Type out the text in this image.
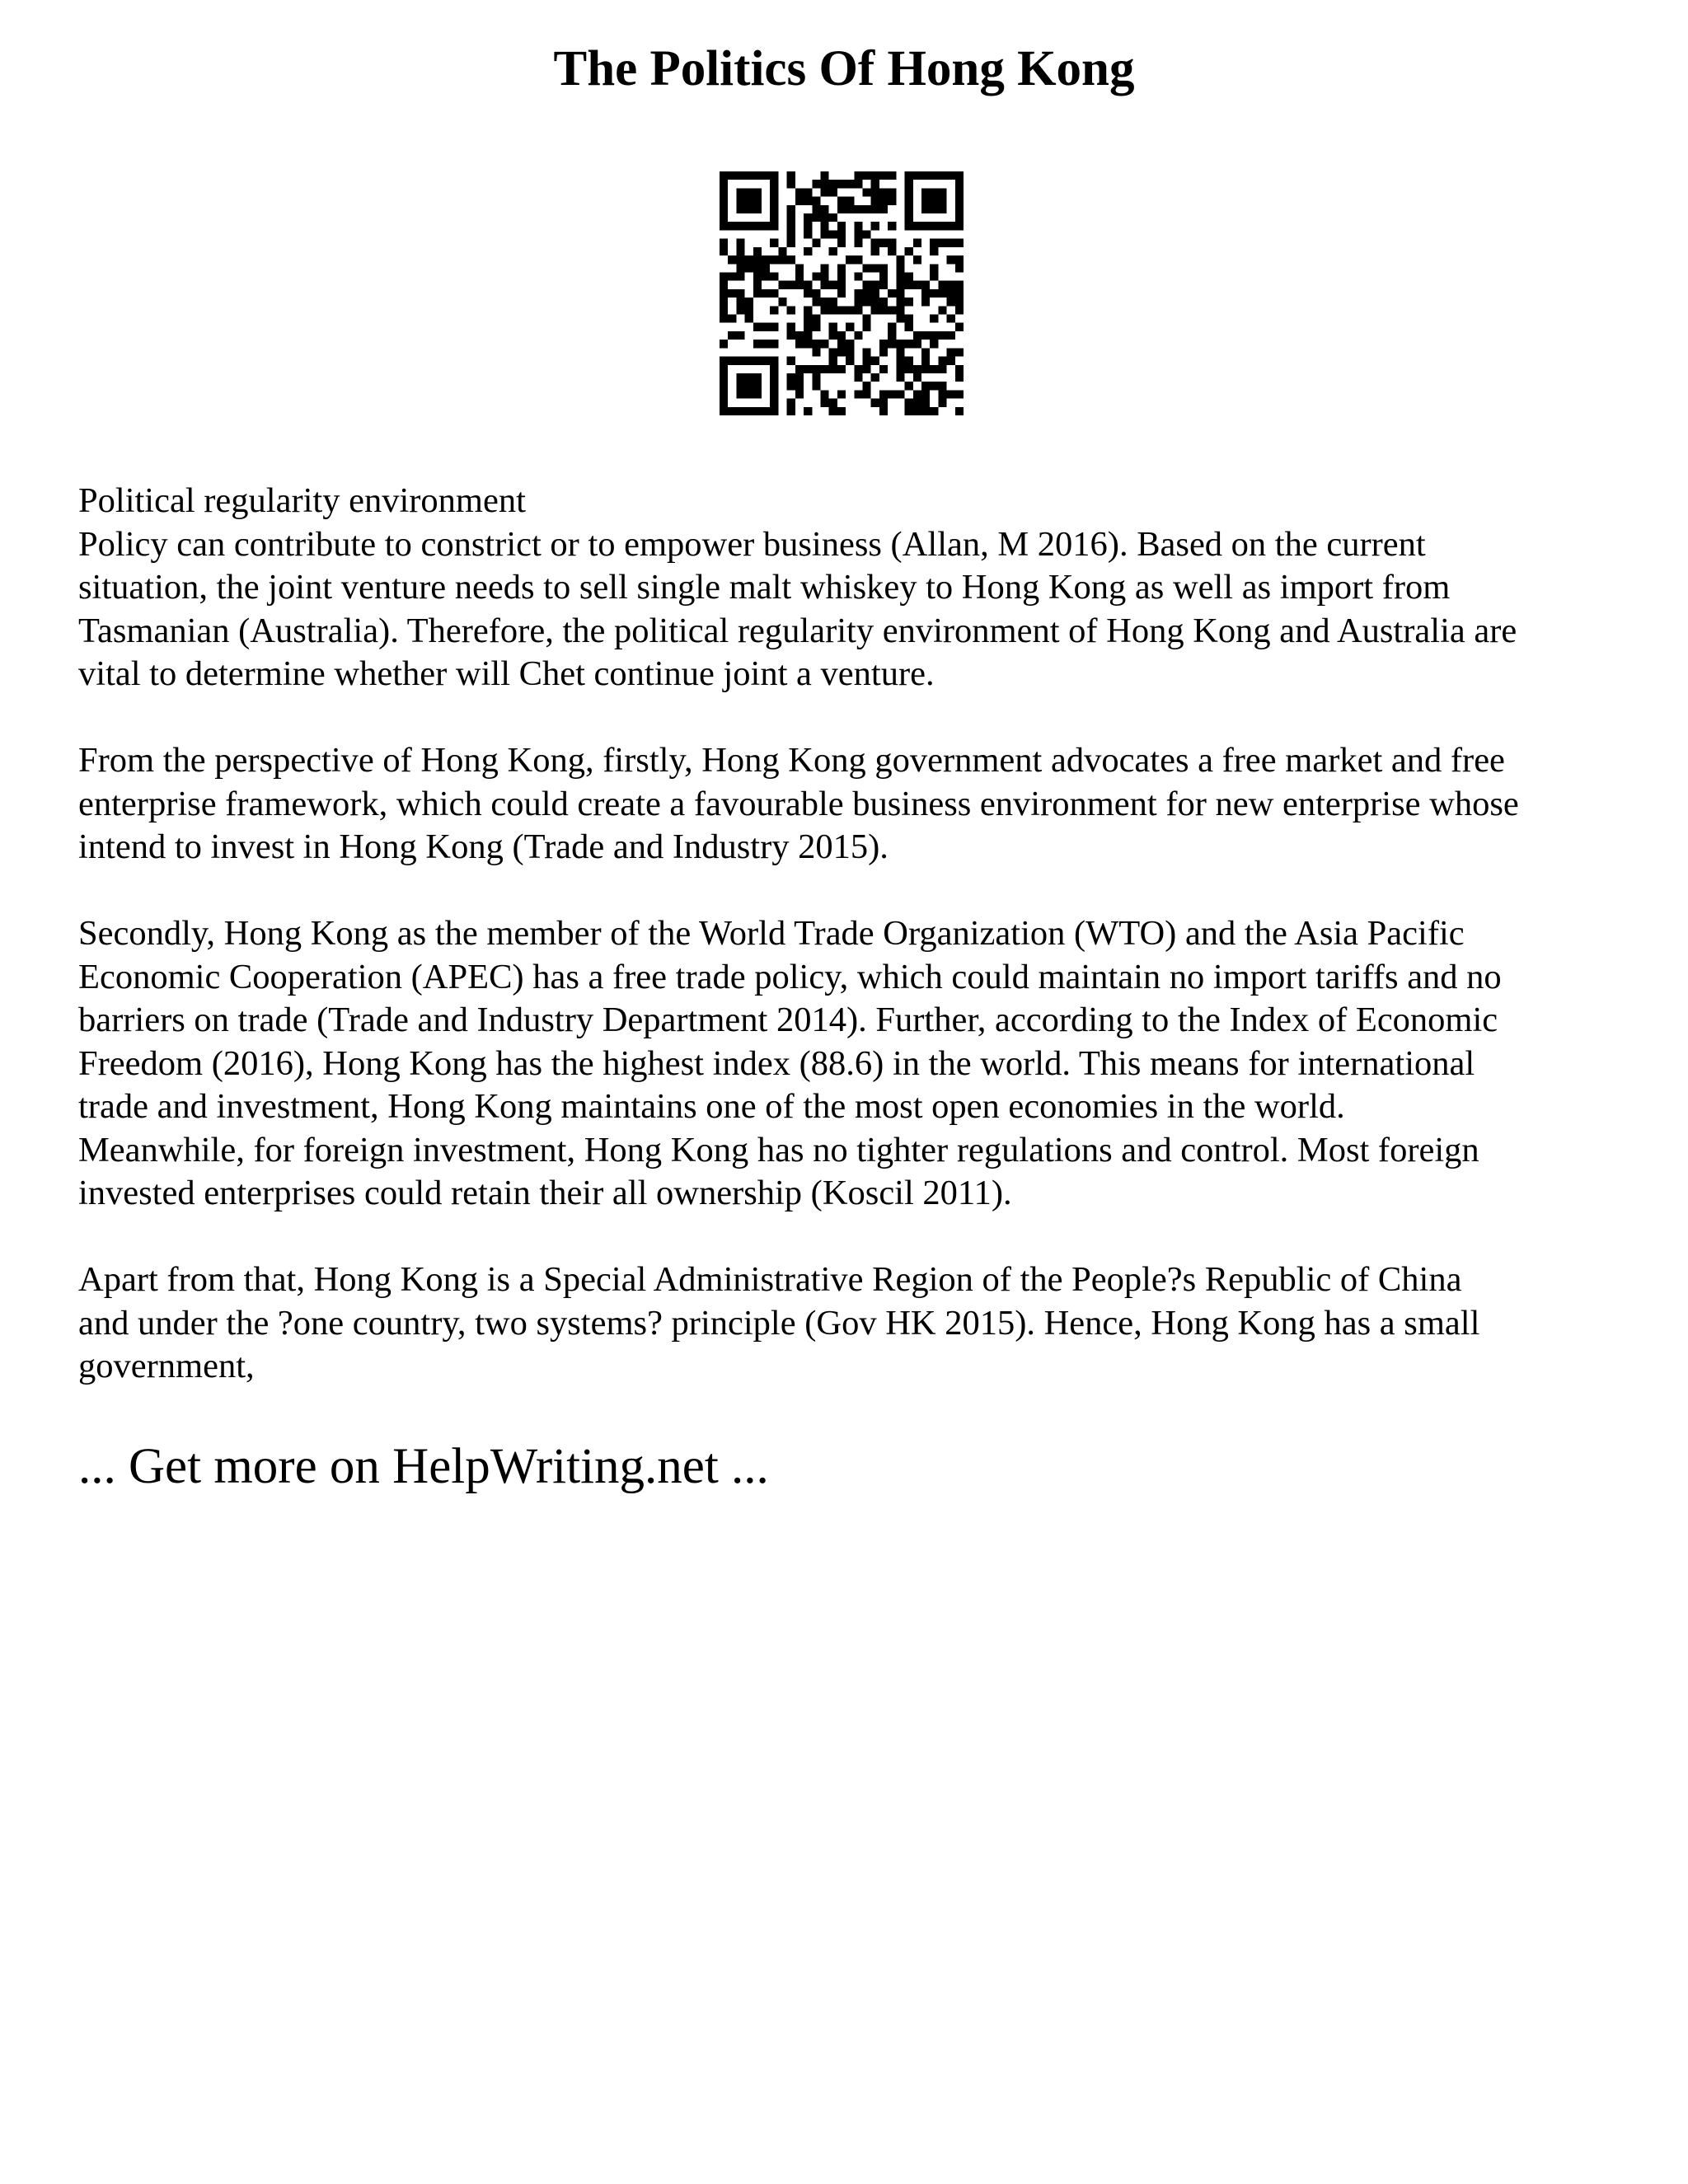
The Politics Of Hong Kong

Political regularity environment

Policy can contribute to constrict or to empower business (Allan, M 2016). Based on the current
situation, the joint venture needs to sell single malt whiskey to Hong Kong as well as import from
Tasmanian (Australia). Therefore, the political regularity environment of Hong Kong and Australia are
vital to determine whether will Chet continue joint a venture.

From the perspective of Hong Kong, firstly, Hong Kong government advocates a free market and free
enterprise framework, which could create a favourable business environment for new enterprise whose
intend to invest in Hong Kong (Trade and Industry 2015).

Secondly, Hong Kong as the member of the World Trade Organization (WTO) and the Asia Pacific
Economic Cooperation (APEC) has a free trade policy, which could maintain no import tariffs and no
barriers on trade (Trade and Industry Department 2014). Further, according to the Index of Economic
Freedom (2016), Hong Kong has the highest index (88.6) in the world. This means for international
trade and investment, Hong Kong maintains one of the most open economies in the world.
Meanwhile, for foreign investment, Hong Kong has no tighter regulations and control. Most foreign
invested enterprises could retain their all ownership (Koscil 2011).

Apart from that, Hong Kong is a Special Administrative Region of the People?s Republic of China
and under the ?one country, two systems? principle (Gov HK 2015). Hence, Hong Kong has a small
government,

... Get more on HelpWriting.net ...
